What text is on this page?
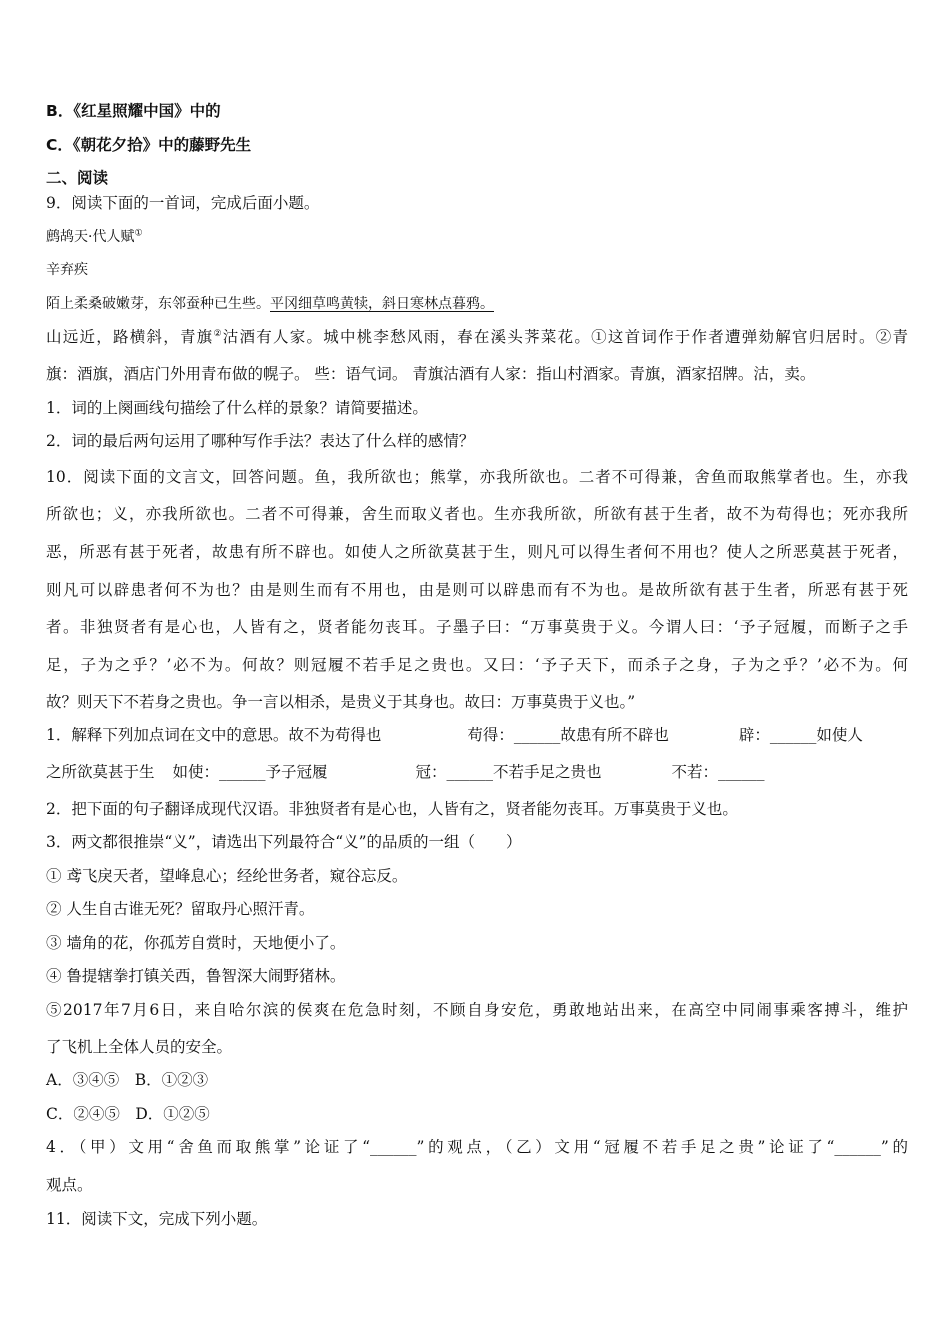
B．《红星照耀中国》中的
C．《朝花夕拾》中的藤野先生
二、阅读
9．阅读下面的一首词，完成后面小题。
鹧鸪天·代人赋①
辛弃疾
陌上柔桑破嫩芽，东邻蚕种已生些。平冈细草鸣黄犊，斜日寒林点暮鸦。
山远近，路横斜，青旗②沽酒有人家。城中桃李愁风雨，春在溪头荠菜花。①这首词作于作者遭弹劾解官归居时。②青
旗：酒旗，酒店门外用青布做的幌子。 些：语气词。 青旗沽酒有人家：指山村酒家。青旗，酒家招牌。沽，卖。
1．词的上阕画线句描绘了什么样的景象？请简要描述。
2．词的最后两句运用了哪种写作手法？表达了什么样的感情？
10．阅读下面的文言文，回答问题。鱼，我所欲也；熊掌，亦我所欲也。二者不可得兼，舍鱼而取熊掌者也。生，亦我
所欲也；义，亦我所欲也。二者不可得兼，舍生而取义者也。生亦我所欲，所欲有甚于生者，故不为苟得也；死亦我所
恶，所恶有甚于死者，故患有所不辟也。如使人之所欲莫甚于生，则凡可以得生者何不用也？使人之所恶莫甚于死者，
则凡可以辟患者何不为也？由是则生而有不用也，由是则可以辟患而有不为也。是故所欲有甚于生者，所恶有甚于死
者。非独贤者有是心也，人皆有之，贤者能勿丧耳。子墨子曰：“万事莫贵于义。今谓人曰：‘予子冠履，而断子之手
足，子为之乎？’必不为。何故？则冠履不若手足之贵也。又曰：‘予子天下，而杀子之身，子为之乎？’必不为。何
故？则天下不若身之贵也。争一言以相杀，是贵义于其身也。故曰：万事莫贵于义也。”
1．解释下列加点词在文中的意思。故不为苟得也	苟得：______故患有所不辟也	辟：______如使人
之所欲莫甚于生 如使：______予子冠履	冠：______不若手足之贵也	不若：______
2．把下面的句子翻译成现代汉语。非独贤者有是心也，人皆有之，贤者能勿丧耳。万事莫贵于义也。
3．两文都很推崇“义”，请选出下列最符合“义”的品质的一组（　　）
① 鸢飞戾天者，望峰息心；经纶世务者，窥谷忘反。
② 人生自古谁无死？留取丹心照汗青。
③ 墙角的花，你孤芳自赏时，天地便小了。
④ 鲁提辖拳打镇关西，鲁智深大闹野猪林。
⑤2017年7月6日，来自哈尔滨的侯爽在危急时刻，不顾自身安危，勇敢地站出来，在高空中同闹事乘客搏斗，维护
了飞机上全体人员的安全。
A．③④⑤　B．①②③
C．②④⑤　D．①②⑤
4．（甲）文用“舍鱼而取熊掌”论证了“______”的观点，（乙）文用“冠履不若手足之贵”论证了“______”的
观点。
11．阅读下文，完成下列小题。
